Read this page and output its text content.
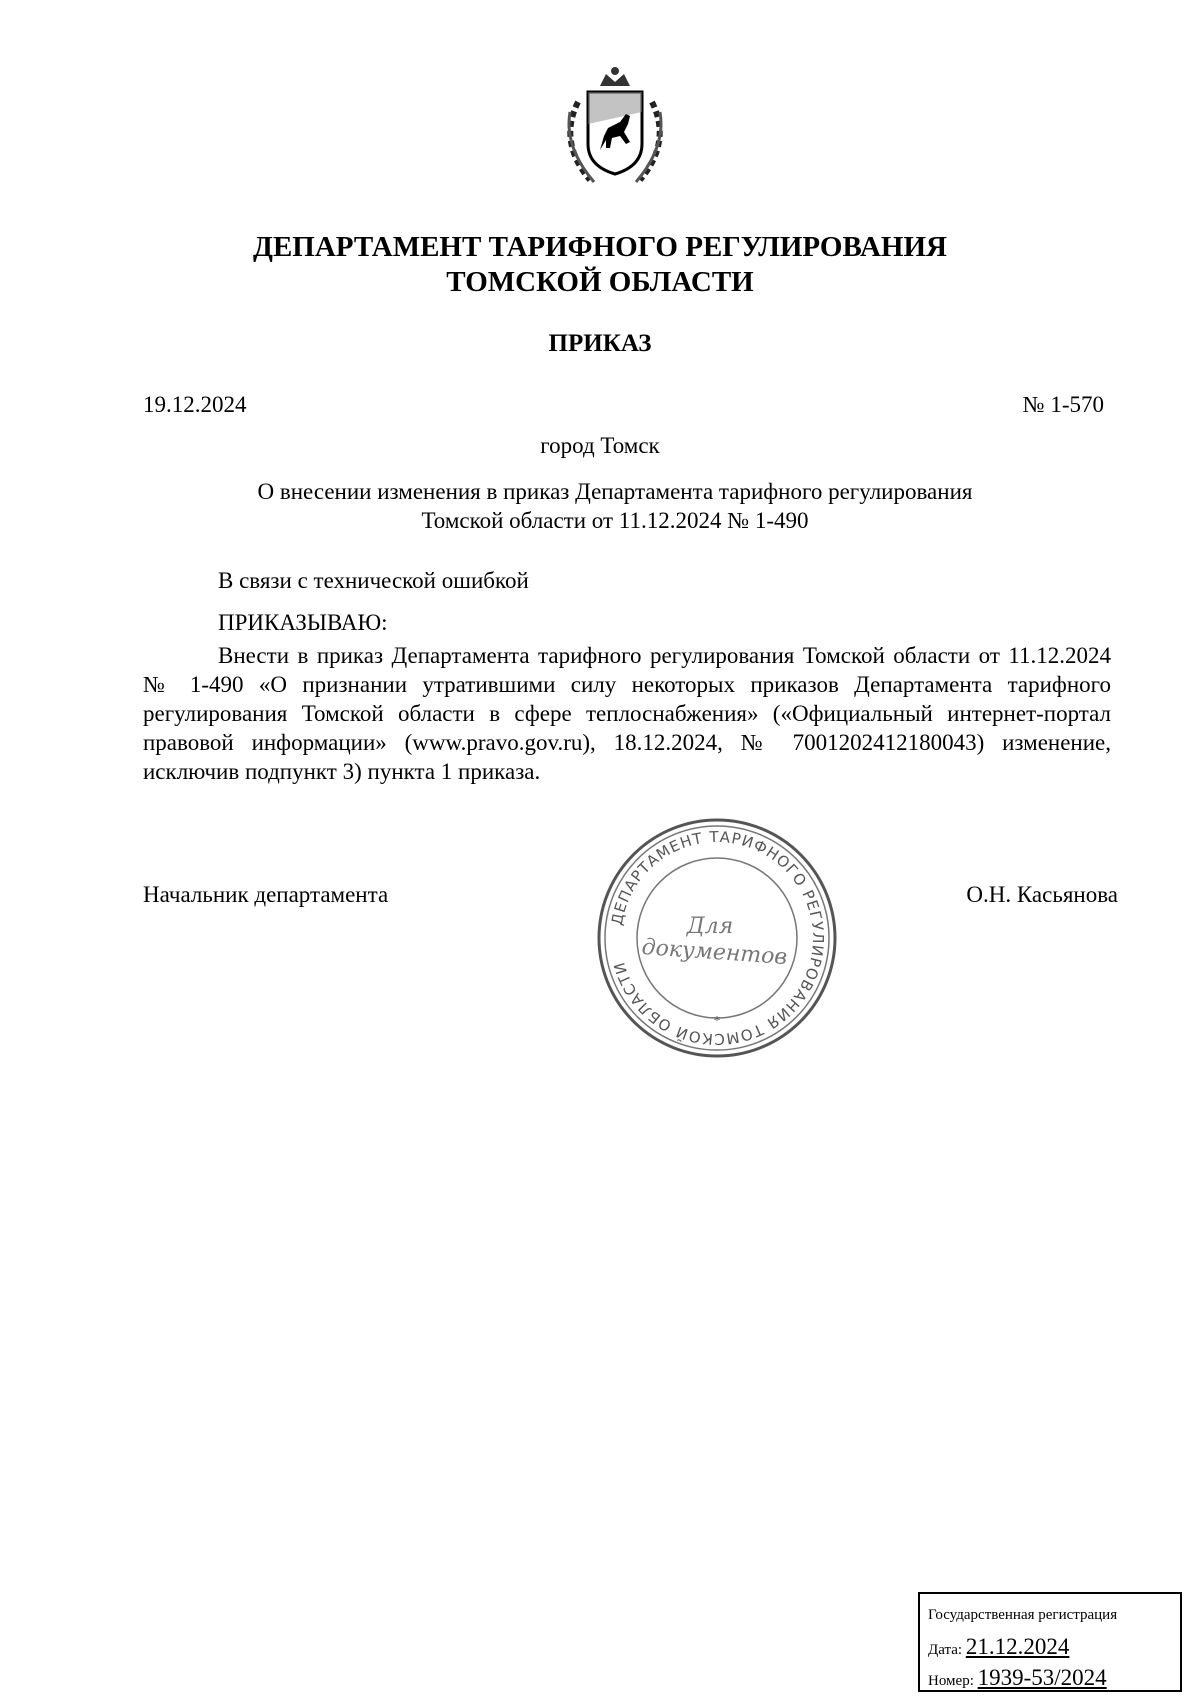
ДЕПАРТАМЕНТ ТАРИФНОГО РЕГУЛИРОВАНИЯ
ТОМСКОЙ ОБЛАСТИ
ПРИКАЗ
19.12.2024	№ 1-570
город Томск
О внесении изменения в приказ Департамента тарифного регулирования
Томской области от 11.12.2024 № 1-490
В связи с технической ошибкой
ПРИКАЗЫВАЮ:
Внести в приказ Департамента тарифного регулирования Томской области от 11.12.2024 № 1-490 «О признании утратившими силу некоторых приказов Департамента тарифного регулирования Томской области в сфере теплоснабжения» («Официальный интернет-портал правовой информации» (www.pravo.gov.ru), 18.12.2024, № 7001202412180043) изменение, исключив подпункт 3) пункта 1 приказа.
Начальник департамента	О.Н. Касьянова
ДЕПАРТАМЕНТ ТАРИФНОГО РЕГУЛИРОВАНИЯ ТОМСКОЙ ОБЛАСТИ
*
Для
документов
Государственная регистрация
Дата: 21.12.2024
Номер: 1939-53/2024
